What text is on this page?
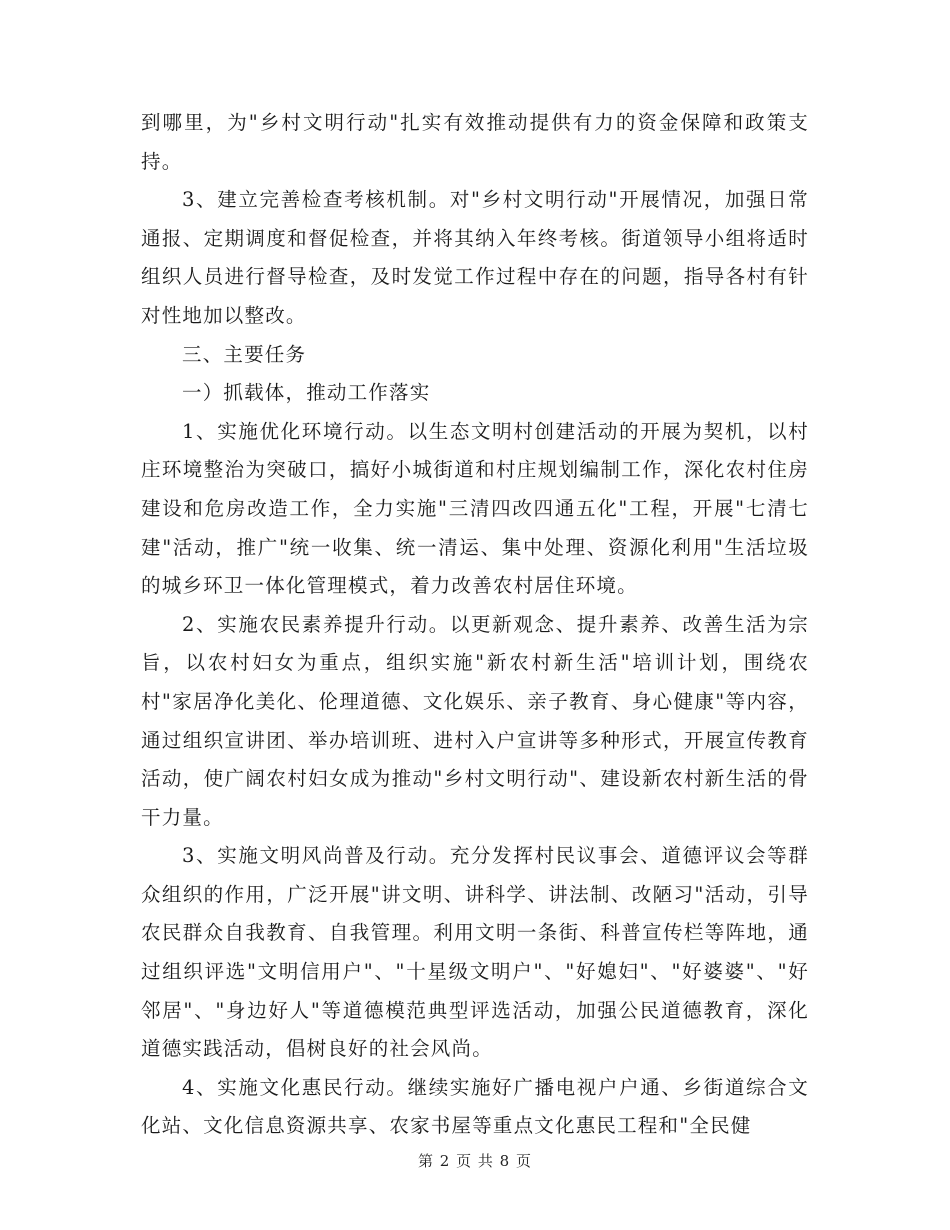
到哪里，为"乡村文明行动"扎实有效推动提供有力的资金保障和政策支持。

3、建立完善检查考核机制。对"乡村文明行动"开展情况，加强日常通报、定期调度和督促检查，并将其纳入年终考核。街道领导小组将适时组织人员进行督导检查，及时发觉工作过程中存在的问题，指导各村有针对性地加以整改。

三、主要任务

一）抓载体，推动工作落实

1、实施优化环境行动。以生态文明村创建活动的开展为契机，以村庄环境整治为突破口，搞好小城街道和村庄规划编制工作，深化农村住房建设和危房改造工作，全力实施"三清四改四通五化"工程，开展"七清七建"活动，推广"统一收集、统一清运、集中处理、资源化利用"生活垃圾的城乡环卫一体化管理模式，着力改善农村居住环境。

2、实施农民素养提升行动。以更新观念、提升素养、改善生活为宗旨，以农村妇女为重点，组织实施"新农村新生活"培训计划，围绕农村"家居净化美化、伦理道德、文化娱乐、亲子教育、身心健康"等内容，通过组织宣讲团、举办培训班、进村入户宣讲等多种形式，开展宣传教育活动，使广阔农村妇女成为推动"乡村文明行动"、建设新农村新生活的骨干力量。

3、实施文明风尚普及行动。充分发挥村民议事会、道德评议会等群众组织的作用，广泛开展"讲文明、讲科学、讲法制、改陋习"活动，引导农民群众自我教育、自我管理。利用文明一条街、科普宣传栏等阵地，通过组织评选"文明信用户"、"十星级文明户"、"好媳妇"、"好婆婆"、"好邻居"、"身边好人"等道德模范典型评选活动，加强公民道德教育，深化道德实践活动，倡树良好的社会风尚。

4、实施文化惠民行动。继续实施好广播电视户户通、乡街道综合文化站、文化信息资源共享、农家书屋等重点文化惠民工程和"全民健

第 2 页 共 8 页
